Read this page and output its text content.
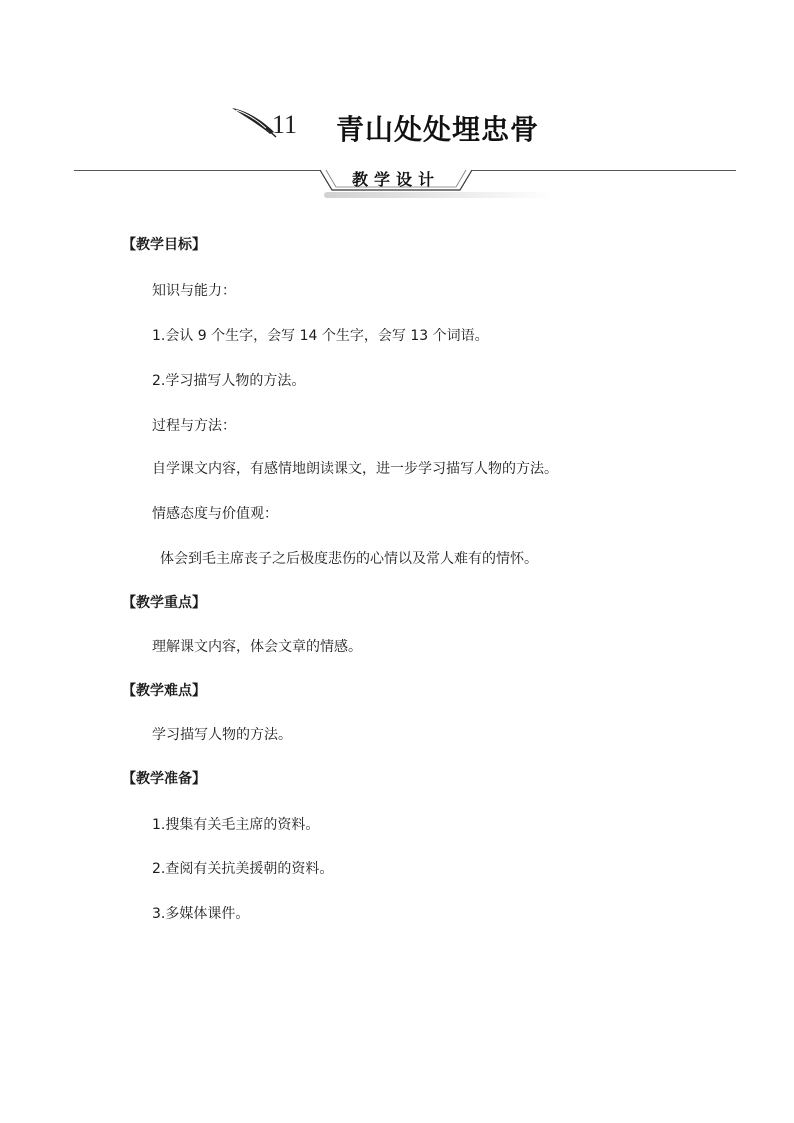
11 青山处处埋忠骨
教学设计
【教学目标】
知识与能力：
1.会认 9 个生字，会写 14 个生字，会写 13 个词语。
2.学习描写人物的方法。
过程与方法：
自学课文内容，有感情地朗读课文，进一步学习描写人物的方法。
情感态度与价值观：
体会到毛主席丧子之后极度悲伤的心情以及常人难有的情怀。
【教学重点】
理解课文内容，体会文章的情感。
【教学难点】
学习描写人物的方法。
【教学准备】
1.搜集有关毛主席的资料。
2.查阅有关抗美援朝的资料。
3.多媒体课件。
